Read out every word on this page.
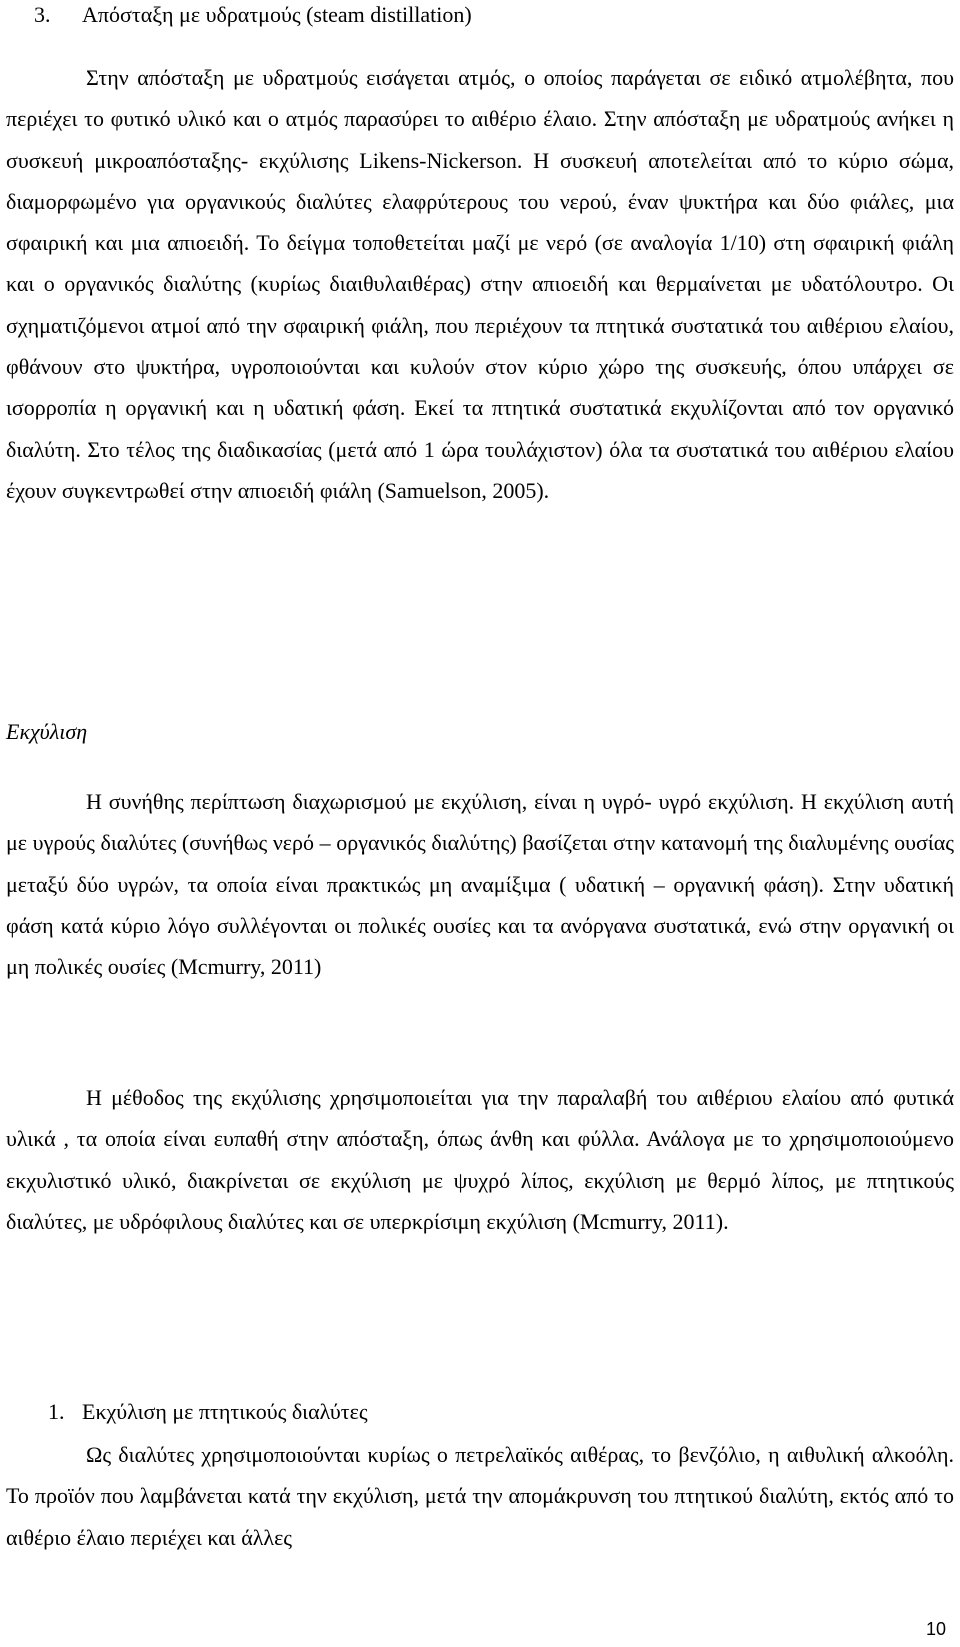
3. Απόσταξη με υδρατμούς (steam distillation)

Στην απόσταξη με υδρατμούς εισάγεται ατμός, ο οποίος παράγεται σε ειδικό ατμολέβητα, που περιέχει το φυτικό υλικό και ο ατμός παρασύρει το αιθέριο έλαιο. Στην απόσταξη με υδρατμούς ανήκει η συσκευή μικροαπόσταξης- εκχύλισης Likens-Nickerson. Η συσκευή αποτελείται από το κύριο σώμα, διαμορφωμένο για οργανικούς διαλύτες ελαφρύτερους του νερού, έναν ψυκτήρα και δύο φιάλες, μια σφαιρική και μια απιοειδή. Το δείγμα τοποθετείται μαζί με νερό (σε αναλογία 1/10) στη σφαιρική φιάλη και ο οργανικός διαλύτης (κυρίως διαιθυλαιθέρας) στην απιοειδή και θερμαίνεται με υδατόλουτρο. Οι σχηματιζόμενοι ατμοί από την σφαιρική φιάλη, που περιέχουν τα πτητικά συστατικά του αιθέριου ελαίου, φθάνουν στο ψυκτήρα, υγροποιούνται και κυλούν στον κύριο χώρο της συσκευής, όπου υπάρχει σε ισορροπία η οργανική και η υδατική φάση. Εκεί τα πτητικά συστατικά εκχυλίζονται από τον οργανικό διαλύτη. Στο τέλος της διαδικασίας (μετά από 1 ώρα τουλάχιστον) όλα τα συστατικά του αιθέριου ελαίου έχουν συγκεντρωθεί στην απιοειδή φιάλη (Samuelson, 2005).

Εκχύλιση

Η συνήθης περίπτωση διαχωρισμού με εκχύλιση, είναι η υγρό- υγρό εκχύλιση. Η εκχύλιση αυτή με υγρούς διαλύτες (συνήθως νερό – οργανικός διαλύτης) βασίζεται στην κατανομή της διαλυμένης ουσίας μεταξύ δύο υγρών, τα οποία είναι πρακτικώς μη αναμίξιμα ( υδατική – οργανική φάση). Στην υδατική φάση κατά κύριο λόγο συλλέγονται οι πολικές ουσίες και τα ανόργανα συστατικά, ενώ στην οργανική οι μη πολικές ουσίες (Mcmurry, 2011)

Η μέθοδος της εκχύλισης χρησιμοποιείται για την παραλαβή του αιθέριου ελαίου από φυτικά υλικά , τα οποία είναι ευπαθή στην απόσταξη, όπως άνθη και φύλλα. Ανάλογα με το χρησιμοποιούμενο εκχυλιστικό υλικό, διακρίνεται σε εκχύλιση με ψυχρό λίπος, εκχύλιση με θερμό λίπος, με πτητικούς διαλύτες, με υδρόφιλους διαλύτες και σε υπερκρίσιμη εκχύλιση (Mcmurry, 2011).

1. Εκχύλιση με πτητικούς διαλύτες

Ως διαλύτες χρησιμοποιούνται κυρίως ο πετρελαϊκός αιθέρας, το βενζόλιο, η αιθυλική αλκοόλη. Το προϊόν που λαμβάνεται κατά την εκχύλιση, μετά την απομάκρυνση του πτητικού διαλύτη, εκτός από το αιθέριο έλαιο περιέχει και άλλες

10
